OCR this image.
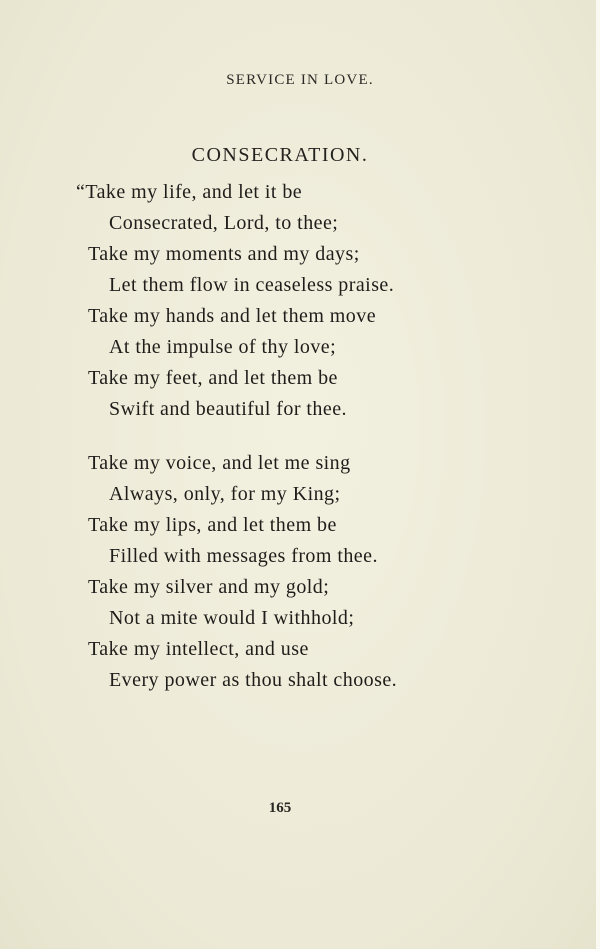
SERVICE IN LOVE.
CONSECRATION.
“Take my life, and let it be
Consecrated, Lord, to thee;
Take my moments and my days;
Let them flow in ceaseless praise.
Take my hands and let them move
At the impulse of thy love;
Take my feet, and let them be
Swift and beautiful for thee.
Take my voice, and let me sing
Always, only, for my King;
Take my lips, and let them be
Filled with messages from thee.
Take my silver and my gold;
Not a mite would I withhold;
Take my intellect, and use
Every power as thou shalt choose.
165
